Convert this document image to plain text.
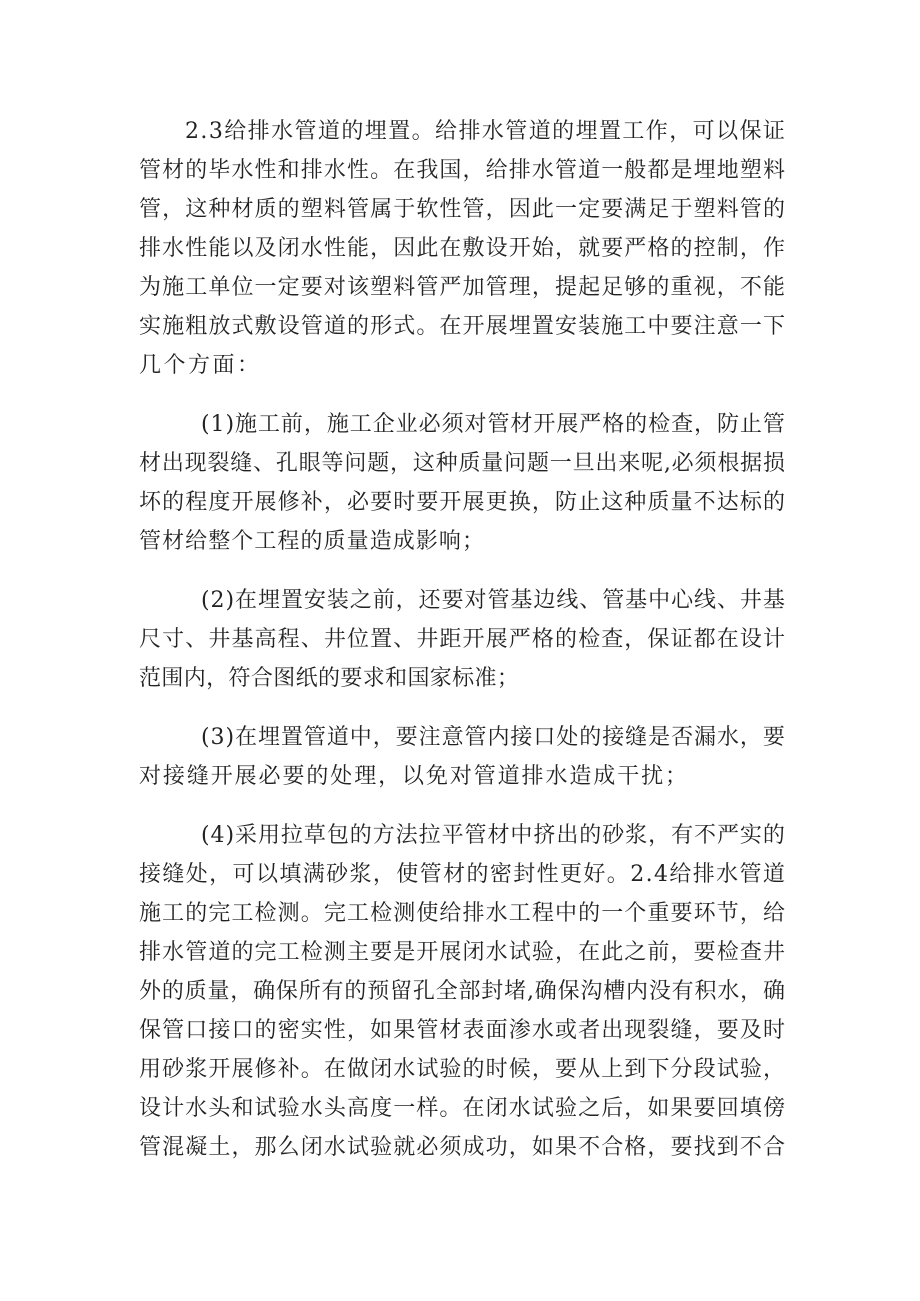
2.3给排水管道的埋置。给排水管道的埋置工作，可以保证

管材的毕水性和排水性。在我国，给排水管道一般都是埋地塑料

管，这种材质的塑料管属于软性管，因此一定要满足于塑料管的

排水性能以及闭水性能，因此在敷设开始，就要严格的控制，作

为施工单位一定要对该塑料管严加管理，提起足够的重视，不能

实施粗放式敷设管道的形式。在开展埋置安装施工中要注意一下

几个方面：

(1)施工前，施工企业必须对管材开展严格的检查，防止管

材出现裂缝、孔眼等问题，这种质量问题一旦出来呢,必须根据损

坏的程度开展修补，必要时要开展更换，防止这种质量不达标的

管材给整个工程的质量造成影响；

(2)在埋置安装之前，还要对管基边线、管基中心线、井基

尺寸、井基高程、井位置、井距开展严格的检查，保证都在设计

范围内，符合图纸的要求和国家标准；

(3)在埋置管道中，要注意管内接口处的接缝是否漏水，要

对接缝开展必要的处理，以免对管道排水造成干扰；

(4)采用拉草包的方法拉平管材中挤出的砂浆，有不严实的

接缝处，可以填满砂浆，使管材的密封性更好。2.4给排水管道

施工的完工检测。完工检测使给排水工程中的一个重要环节，给

排水管道的完工检测主要是开展闭水试验，在此之前，要检查井

外的质量，确保所有的预留孔全部封堵,确保沟槽内没有积水，确

保管口接口的密实性，如果管材表面渗水或者出现裂缝，要及时

用砂浆开展修补。在做闭水试验的时候，要从上到下分段试验，

设计水头和试验水头高度一样。在闭水试验之后，如果要回填傍

管混凝土，那么闭水试验就必须成功，如果不合格，要找到不合
